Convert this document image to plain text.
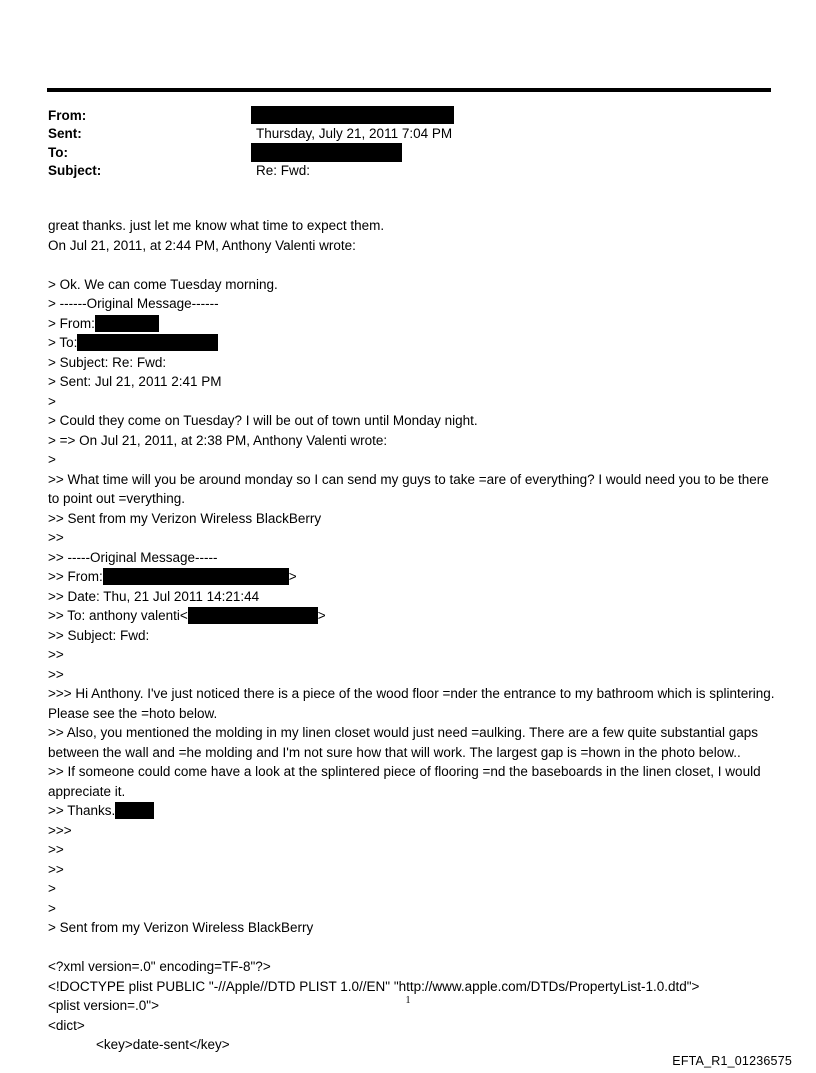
From:
Sent:	Thursday, July 21, 2011 7:04 PM
To:
Subject:	Re: Fwd:
great thanks. just let me know what time to expect them.
On Jul 21, 2011, at 2:44 PM, Anthony Valenti wrote:
> Ok. We can come Tuesday morning.
> ------Original Message------
> From:
> To:
> Subject: Re: Fwd:
> Sent: Jul 21, 2011 2:41 PM
>
> Could they come on Tuesday? I will be out of town until Monday night.
> => On Jul 21, 2011, at 2:38 PM, Anthony Valenti wrote:
>
>> What time will you be around monday so I can send my guys to take =are of everything? I would need you to be there to point out =verything.
>> Sent from my Verizon Wireless BlackBerry
>>
>> -----Original Message-----
>> From:	>
>> Date: Thu, 21 Jul 2011 14:21:44
>> To: anthony valenti<	>
>> Subject: Fwd:
>>
>>
>>> Hi Anthony. I've just noticed there is a piece of the wood floor =nder the entrance to my bathroom which is splintering. Please see the =hoto below.
>> Also, you mentioned the molding in my linen closet would just need =aulking. There are a few quite substantial gaps between the wall and =he molding and I'm not sure how that will work. The largest gap is =hown in the photo below..
>> If someone could come have a look at the splintered piece of flooring =nd the baseboards in the linen closet, I would appreciate it.
>> Thanks.
>>>
>>
>>
>
>
> Sent from my Verizon Wireless BlackBerry
<?xml version=.0" encoding=TF-8"?>
<!DOCTYPE plist PUBLIC "-//Apple//DTD PLIST 1.0//EN" "http://www.apple.com/DTDs/PropertyList-1.0.dtd">
<plist version=.0">
<dict>
<key>date-sent</key>
1
EFTA_R1_01236575
